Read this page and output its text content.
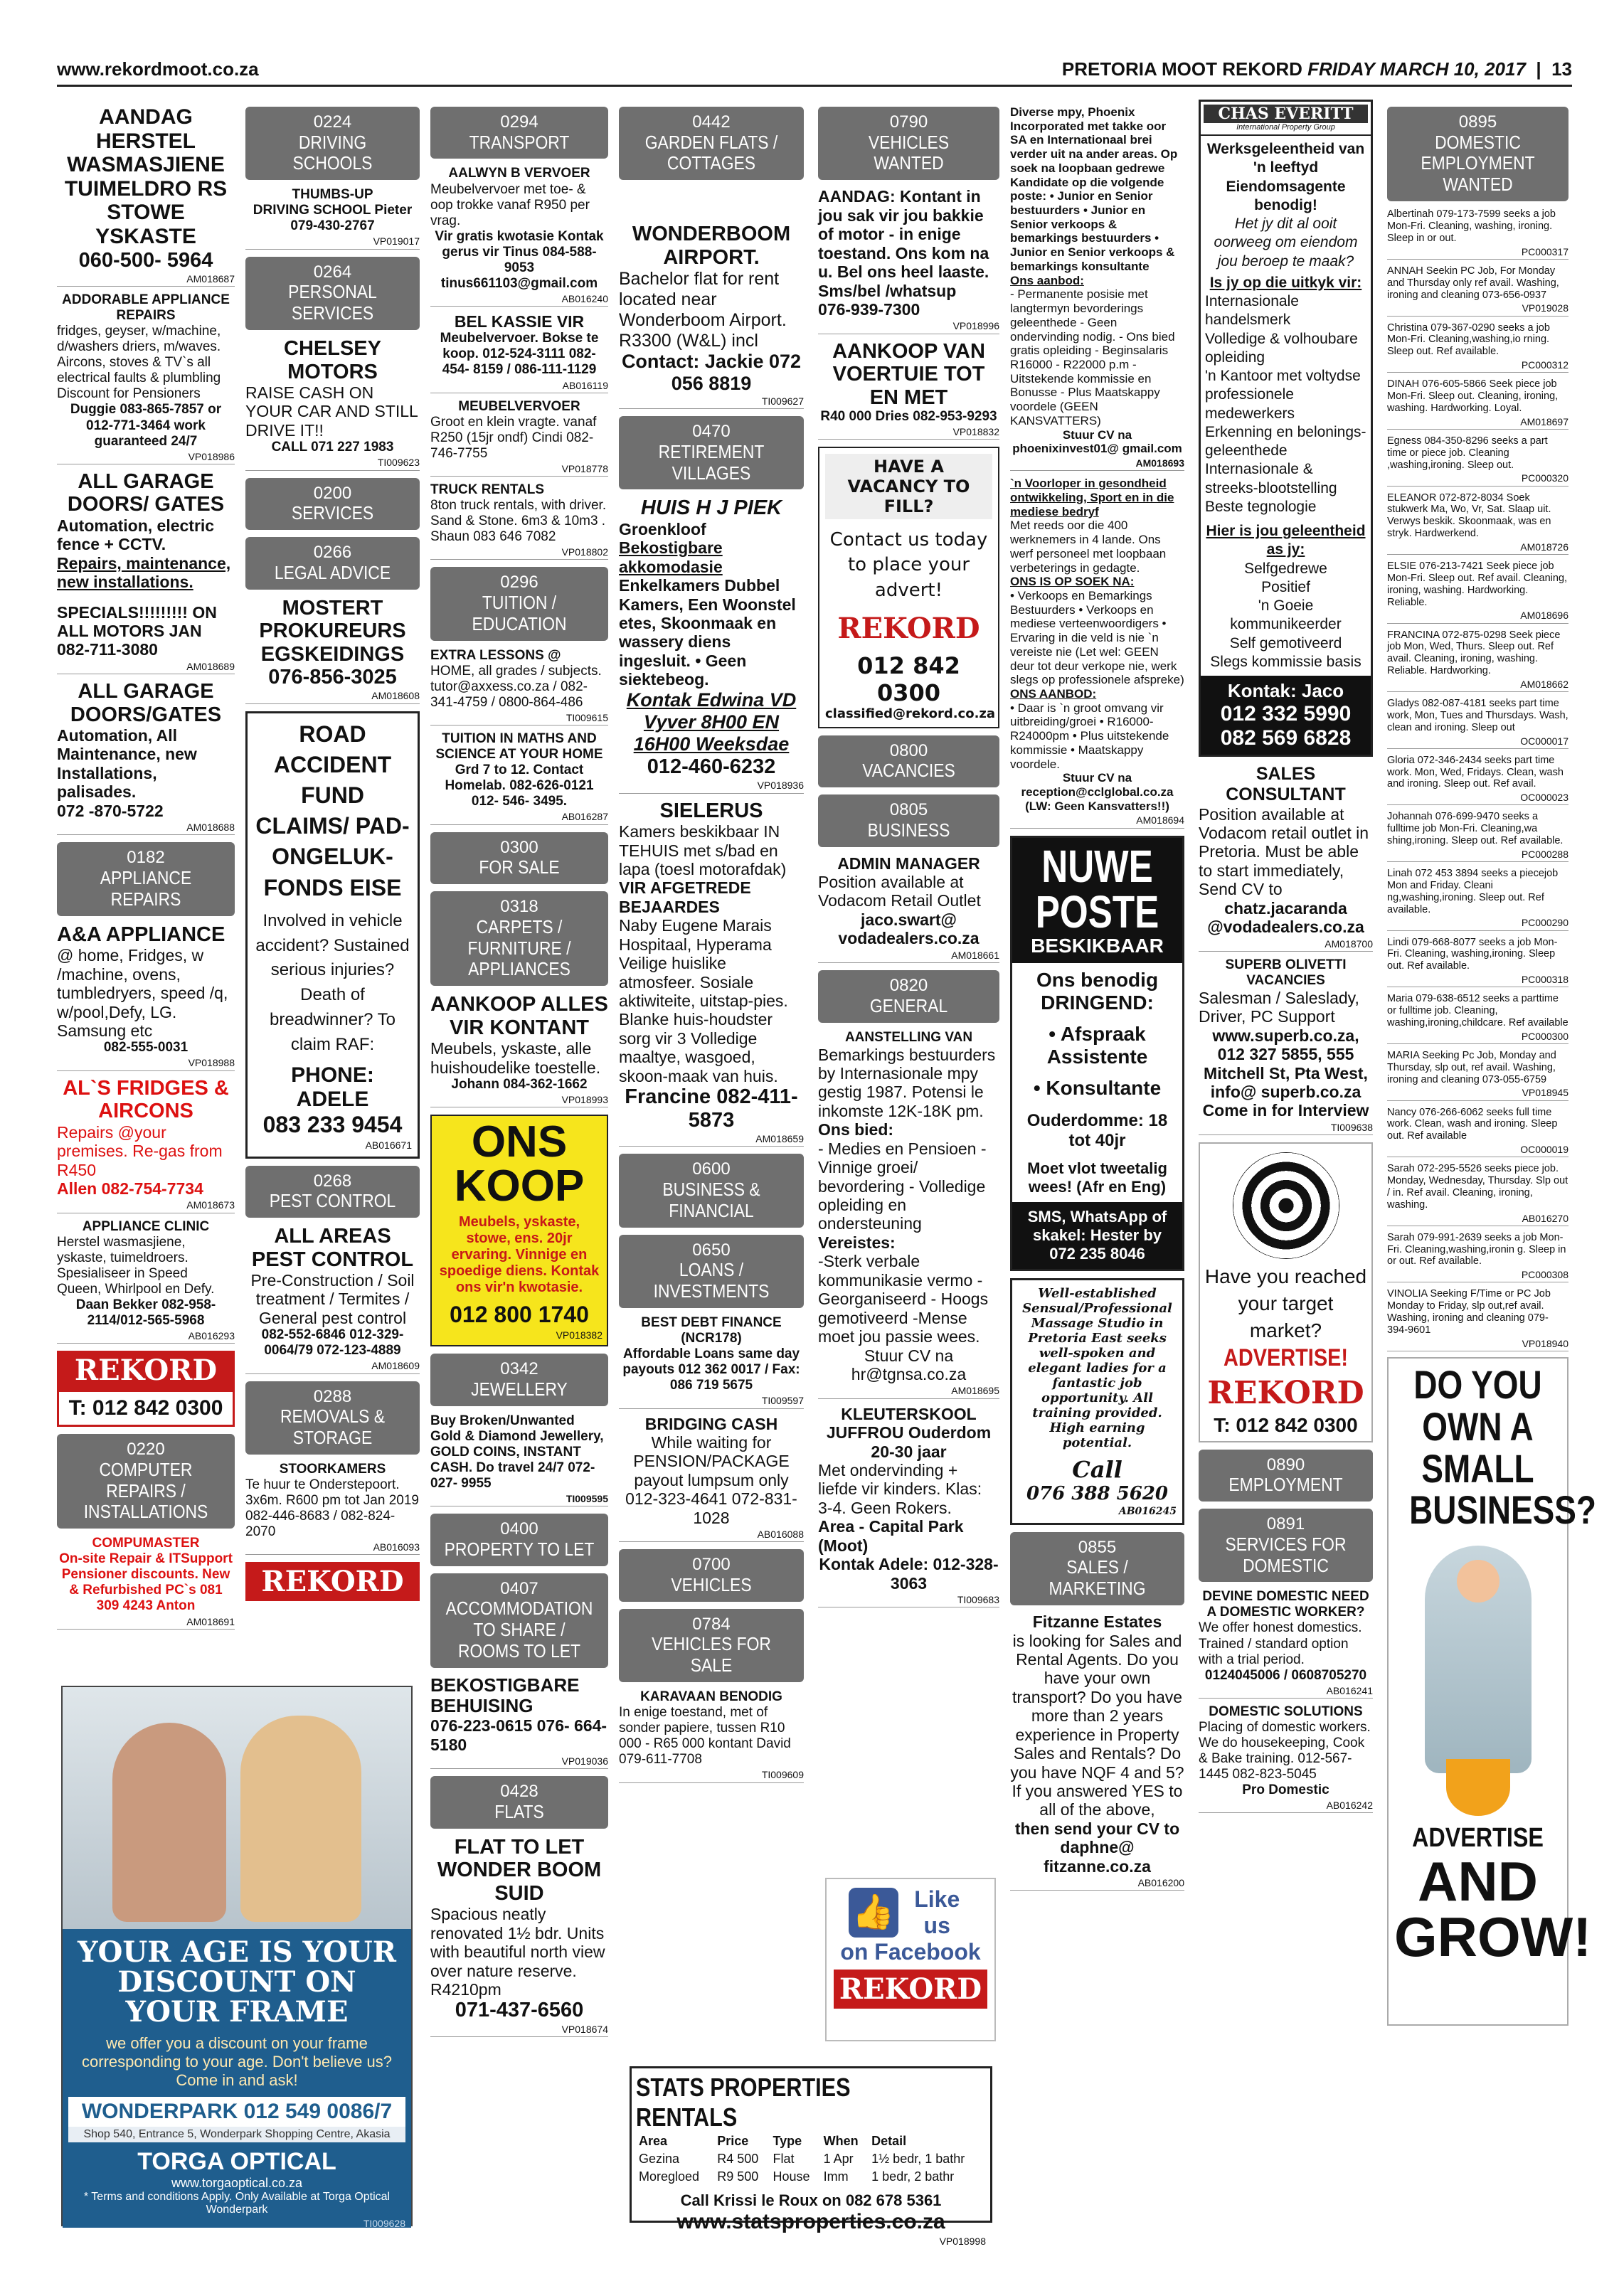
www.rekordmoot.co.za	PRETORIA MOOT REKORD FRIDAY MARCH 10, 2017  |  13
AANDAG HERSTEL WASMASJIENE TUIMELDRO RS STOWE YSKASTE
060-500- 5964
AM018687
ADDORABLE APPLIANCE REPAIRS
fridges, geyser, w/machine, d/washers driers, m/waves. Aircons, stoves & TV`s all electrical faults & plumbling Discount for Pensioners
Duggie 083-865-7857 or 012-771-3464 work guaranteed 24/7
VP018986
ALL GARAGE DOORS/ GATES
Automation, electric fence + CCTV.
Repairs, maintenance, new installations.
SPECIALS!!!!!!!!! ON ALL MOTORS JAN 082-711-3080
AM018689
ALL GARAGE DOORS/GATES
Automation, All Maintenance, new Installations, palisades.
072 -870-5722
AM018688
0182
APPLIANCE REPAIRS
A&A APPLIANCE
@ home, Fridges, w /machine, ovens, tumbledryers, speed /q, w/pool,Defy, LG. Samsung etc
082-555-0031
VP018988
AL`S FRIDGES & AIRCONS
Repairs @your premises. Re-gas from R450
Allen 082-754-7734
AM018673
APPLIANCE CLINIC
Herstel wasmasjiene, yskaste, tuimeldroers. Spesialiseer in Speed Queen, Whirlpool en Defy.
Daan Bekker 082-958-2114/012-565-5968
AB016293
REKORD
T: 012 842 0300
0220
COMPUTER REPAIRS / INSTALLATIONS
COMPUMASTER
On-site Repair & ITSupport Pensioner discounts. New & Refurbished PC`s 081 309 4243 Anton
AM018691
YOUR AGE IS YOUR DISCOUNT ON YOUR FRAME
we offer you a discount on your frame corresponding to your age. Don't believe us? Come in and ask!
WONDERPARK 012 549 0086/7
Shop 540, Entrance 5, Wonderpark Shopping Centre, Akasia
TORGA OPTICAL
www.torgaoptical.co.za
* Terms and conditions Apply. Only Available at Torga Optical Wonderpark
TI009628
0224
DRIVING SCHOOLS
THUMBS-UP
DRIVING SCHOOL Pieter 079-430-2767
VP019017
0264
PERSONAL SERVICES
CHELSEY MOTORS
RAISE CASH ON YOUR CAR AND STILL DRIVE IT!!
CALL 071 227 1983
TI009623
0200
SERVICES
0266
LEGAL ADVICE
MOSTERT PROKUREURS EGSKEIDINGS
076-856-3025
AM018608
ROAD ACCIDENT FUND CLAIMS/ PAD-ONGELUK-FONDS EISE
Involved in vehicle accident? Sustained serious injuries? Death of breadwinner? To claim RAF:
PHONE: ADELE
083 233 9454
AB016671
0268
PEST CONTROL
ALL AREAS PEST CONTROL
Pre-Construction / Soil treatment / Termites / General pest control
082-552-6846 012-329-0064/79 072-123-4889
AM018609
0288
REMOVALS & STORAGE
STOORKAMERS
Te huur te Onderstepoort. 3x6m. R600 pm tot Jan 2019 082-446-8683 / 082-824-2070
AB016093
REKORD
0294
TRANSPORT
AALWYN B VERVOER
Meubelvervoer met toe- & oop trokke vanaf R950 per vrag.
Vir gratis kwotasie Kontak gerus vir Tinus 084-588- 9053 tinus661103@gmail.com
AB016240
BEL KASSIE VIR
Meubelvervoer. Bokse te koop. 012-524-3111 082-454- 8159 / 086-111-1129
AB016119
MEUBELVERVOER
Groot en klein vragte. vanaf R250 (15jr ondf) Cindi 082-746-7755
VP018778
TRUCK RENTALS
8ton truck rentals, with driver. Sand & Stone. 6m3 & 10m3 . Shaun 083 646 7082
VP018802
0296
TUITION / EDUCATION
EXTRA LESSONS @
HOME, all grades / subjects. tutor@axxess.co.za / 082-341-4759 / 0800-864-486
TI009615
TUITION IN MATHS AND SCIENCE AT YOUR HOME
Grd 7 to 12. Contact Homelab. 082-626-0121 012- 546- 3495.
AB016287
0300
FOR SALE
0318
CARPETS / FURNITURE / APPLIANCES
AANKOOP ALLES VIR KONTANT
Meubels, yskaste, alle huishoudelike toestelle.
Johann 084-362-1662
VP018993
ONS KOOP
Meubels, yskaste, stowe, ens. 20jr ervaring. Vinnige en spoedige diens. Kontak ons vir'n kwotasie.
012 800 1740
VP018382
0342
JEWELLERY
Buy Broken/Unwanted Gold & Diamond Jewellery, GOLD COINS, INSTANT CASH. Do travel 24/7 072-027- 9955
TI009595
0400
PROPERTY TO LET
0407
ACCOMMODATION TO SHARE / ROOMS TO LET
BEKOSTIGBARE BEHUISING
076-223-0615 076- 664-5180
VP019036
0428
FLATS
FLAT TO LET WONDER BOOM SUID
Spacious neatly renovated 1½ bdr. Units with beautiful north view over nature reserve. R4210pm
071-437-6560
VP018674
0442
GARDEN FLATS / COTTAGES
WONDERBOOM AIRPORT.
Bachelor flat for rent located near Wonderboom Airport. R3300 (W&L) incl
Contact: Jackie 072 056 8819
TI009627
0470
RETIREMENT VILLAGES
HUIS H J PIEK
Groenkloof
Bekostigbare akkomodasie
Enkelkamers Dubbel Kamers, Een Woonstel etes, Skoonmaak en wassery diens ingesluit. • Geen siektebeog.
Kontak Edwina VD Vyver 8H00 EN 16H00 Weeksdae
012-460-6232
VP018936
SIELERUS
Kamers beskikbaar IN TEHUIS met s/bad en lapa (toesl motorafdak)
VIR AFGETREDE BEJAARDES
Naby Eugene Marais Hospitaal, Hyperama Veilige huislike atmosfeer. Sosiale aktiwiteite, uitstap-pies. Blanke huis-houdster sorg vir 3 Volledige maaltye, wasgoed, skoon-maak van huis.
Francine 082-411-5873
AM018659
0600
BUSINESS & FINANCIAL
0650
LOANS / INVESTMENTS
BEST DEBT FINANCE (NCR178)
Affordable Loans same day payouts 012 362 0017 / Fax: 086 719 5675
TI009597
BRIDGING CASH
While waiting for PENSION/PACKAGE payout lumpsum only 012-323-4641 072-831-1028
AB016088
0700
VEHICLES
0784
VEHICLES FOR SALE
KARAVAAN BENODIG
In enige toestand, met of sonder papiere, tussen R10 000 - R65 000 kontant David 079-611-7708
TI009609
0790
VEHICLES WANTED
AANDAG: Kontant in jou sak vir jou bakkie of motor - in enige toestand. Ons kom na u. Bel ons heel laaste. Sms/bel /whatsup
076-939-7300
VP018996
AANKOOP VAN VOERTUIE TOT EN MET
R40 000 Dries 082-953-9293
VP018832
HAVE A VACANCY TO FILL?
Contact us today to place your advert!
REKORD
012 842 0300
classified@rekord.co.za
0800
VACANCIES
0805
BUSINESS
ADMIN MANAGER
Position available at Vodacom Retail Outlet
jaco.swart@ vodadealers.co.za
AM018661
0820
GENERAL
AANSTELLING VAN
Bemarkings bestuurders by Internasionale mpy gestig 1987. Potensi le inkomste 12K-18K pm.
Ons bied:
- Medies en Pensioen -Vinnige groei/ bevordering - Volledige opleiding en ondersteuning
Vereistes:
-Sterk verbale kommunikasie vermo - Georganiseerd - Hoogs gemotiveerd -Mense moet jou passie wees.
Stuur CV na hr@tgnsa.co.za
AM018695
KLEUTERSKOOL JUFFROU Ouderdom 20-30 jaar
Met ondervinding + liefde vir kinders. Klas: 3-4. Geen Rokers.
Area - Capital Park (Moot)
Kontak Adele: 012-328-3063
TI009683
👍 Like us
on Facebook
REKORD
STATS PROPERTIES RENTALS
Area	Price	Type	When	Detail
Gezina	R4 500	Flat	1 Apr	1½ bedr, 1 bathr
Moregloed	R9 500	House	Imm	1 bedr, 2 bathr
Call Krissi le Roux on 082 678 5361
www.statsproperties.co.za
VP018998
Diverse mpy, Phoenix Incorporated met takke oor SA en Internationaal brei verder uit na ander areas. Op soek na loopbaan gedrewe Kandidate op die volgende poste: • Junior en Senior bestuurders • Junior en Senior verkoops & bemarkings bestuurders • Junior en Senior verkoops & bemarkings konsultante
Ons aanbod:
- Permanente posisie met langtermyn bevorderings geleenthede - Geen ondervinding nodig. - Ons bied gratis opleiding - Beginsalaris R16000 - R22000 p.m - Uitstekende kommissie en Bonusse - Plus Maatskappy voordele (GEEN KANSVATTERS)
Stuur CV na phoenixinvest01@ gmail.com
AM018693
`n Voorloper in gesondheid ontwikkeling, Sport en in die mediese bedryf
Met reeds oor die 400 werknemers in 4 lande. Ons werf personeel met loopbaan verbeterings in gedagte.
ONS IS OP SOEK NA:
• Verkoops en Bemarkings Bestuurders • Verkoops en mediese verteenwoordigers • Ervaring in die veld is nie `n vereiste nie (Let wel: GEEN deur tot deur verkope nie, werk slegs op professionele afspreke)
ONS AANBOD:
• Daar is `n groot omvang vir uitbreiding/groei • R16000-R24000pm • Plus uitstekende kommissie • Maatskappy voordele.
Stuur CV na reception@cclglobal.co.za (LW: Geen Kansvatters!!)
AM018694
NUWE
POSTE
BESKIKBAAR
Ons benodig DRINGEND:
• Afspraak Assistente
• Konsultante
Ouderdomme: 18 tot 40jr
Moet vlot tweetalig wees! (Afr en Eng)
SMS, WhatsApp of skakel: Hester by 072 235 8046
Well-established Sensual/Professional Massage Studio in Pretoria East seeks well-spoken and elegant ladies for a fantastic job opportunity. All training provided. High earning potential.
Call
076 388 5620
AB016245
0855
SALES / MARKETING
Fitzanne Estates
is looking for Sales and Rental Agents. Do you have your own transport? Do you have more than 2 years experience in Property Sales and Rentals? Do you have NQF 4 and 5? If you answered YES to all of the above,
then send your CV to daphne@ fitzanne.co.za
AB016200
CHAS EVERITT
International Property Group
Werksgeleentheid van 'n leeftyd Eiendomsagente benodig!
Het jy dit al ooit oorweeg om eiendom jou beroep te maak?
Is jy op die uitkyk vir:
Internasionale handelsmerk
Volledige & volhoubare opleiding
'n Kantoor met voltydse professionele medewerkers
Erkenning en belonings-geleenthede
Internasionale & streeks-blootstelling
Beste tegnologie
Hier is jou geleentheid as jy:
Selfgedrewe
Positief
'n Goeie kommunikeerder
Self gemotiveerd
Slegs kommissie basis
Kontak: Jaco
012 332 5990
082 569 6828
SALES CONSULTANT
Position available at Vodacom retail outlet in Pretoria. Must be able to start immediately, Send CV to
chatz.jacaranda @vodadealers.co.za
AM018700
SUPERB OLIVETTI VACANCIES
Salesman / Saleslady, Driver, PC Support
www.superb.co.za, 012 327 5855, 555 Mitchell St, Pta West, info@ superb.co.za Come in for Interview
TI009638
Have you reached your target market?
ADVERTISE!
REKORD
T: 012 842 0300
0890
EMPLOYMENT
0891
SERVICES FOR DOMESTIC
DEVINE DOMESTIC NEED A DOMESTIC WORKER?
We offer honest domestics. Trained / standard option with a trial period.
0124045006 / 0608705270
AB016241
DOMESTIC SOLUTIONS
Placing of domestic workers. We do housekeeping, Cook & Bake training. 012-567-1445 082-823-5045
Pro Domestic
AB016242
0895
DOMESTIC EMPLOYMENT WANTED
Albertinah 079-173-7599 seeks a job Mon-Fri. Cleaning, washing, ironing. Sleep in or out.
PC000317
ANNAH Seekin PC Job, For Monday and Thursday only ref avail. Washing, ironing and cleaning 073-656-0937
VP019028
Christina 079-367-0290 seeks a job Mon-Fri. Cleaning,washing,io rning. Sleep out. Ref available.
PC000312
DINAH 076-605-5866 Seek piece job Mon-Fri. Sleep out. Cleaning, ironing, washing. Hardworking. Loyal.
AM018697
Egness 084-350-8296 seeks a part time or piece job. Cleaning ,washing,ironing. Sleep out.
PC000320
ELEANOR 072-872-8034 Soek stukwerk Ma, Wo, Vr, Sat. Slaap uit. Verwys beskik. Skoonmaak, was en stryk. Hardwerkend.
AM018726
ELSIE 076-213-7421 Seek piece job Mon-Fri. Sleep out. Ref avail. Cleaning, ironing, washing. Hardworking. Reliable.
AM018696
FRANCINA 072-875-0298 Seek piece job Mon, Wed, Thurs. Sleep out. Ref avail. Cleaning, ironing, washing. Reliable. Hardworking.
AM018662
Gladys 082-087-4181 seeks part time work, Mon, Tues and Thursdays. Wash, clean and ironing. Sleep out
OC000017
Gloria 072-346-2434 seeks part time work. Mon, Wed, Fridays. Clean, wash and ironing. Sleep out. Ref avail.
OC000023
Johannah 076-699-9470 seeks a fulltime job Mon-Fri. Cleaning,wa shing,ironing. Sleep out. Ref available.
PC000288
Linah 072 453 3894 seeks a piecejob Mon and Friday. Cleani ng,washing,ironing. Sleep out. Ref available.
PC000290
Lindi 079-668-8077 seeks a job Mon-Fri. Cleaning, washing,ironing. Sleep out. Ref available.
PC000318
Maria 079-638-6512 seeks a parttime or fulltime job. Cleaning, washing,ironing,childcare. Ref available
PC000300
MARIA Seeking Pc Job, Monday and Thursday, slp out, ref avail. Washing, ironing and cleaning 073-055-6759
VP018945
Nancy 076-266-6062 seeks full time work. Clean, wash and ironing. Sleep out. Ref available
OC000019
Sarah 072-295-5526 seeks piece job. Monday, Wednesday, Thursday. Slp out / in. Ref avail. Cleaning, ironing, washing.
AB016270
Sarah 079-991-2639 seeks a job Mon-Fri. Cleaning,washing,ironin g. Sleep in or out. Ref available.
PC000308
VINOLIA Seeking F/Time or PC Job Monday to Friday, slp out,ref avail. Washing, ironing and cleaning 079- 394-9601
VP018940
DO YOU OWN A SMALL BUSINESS?
ADVERTISE
AND
GROW!
